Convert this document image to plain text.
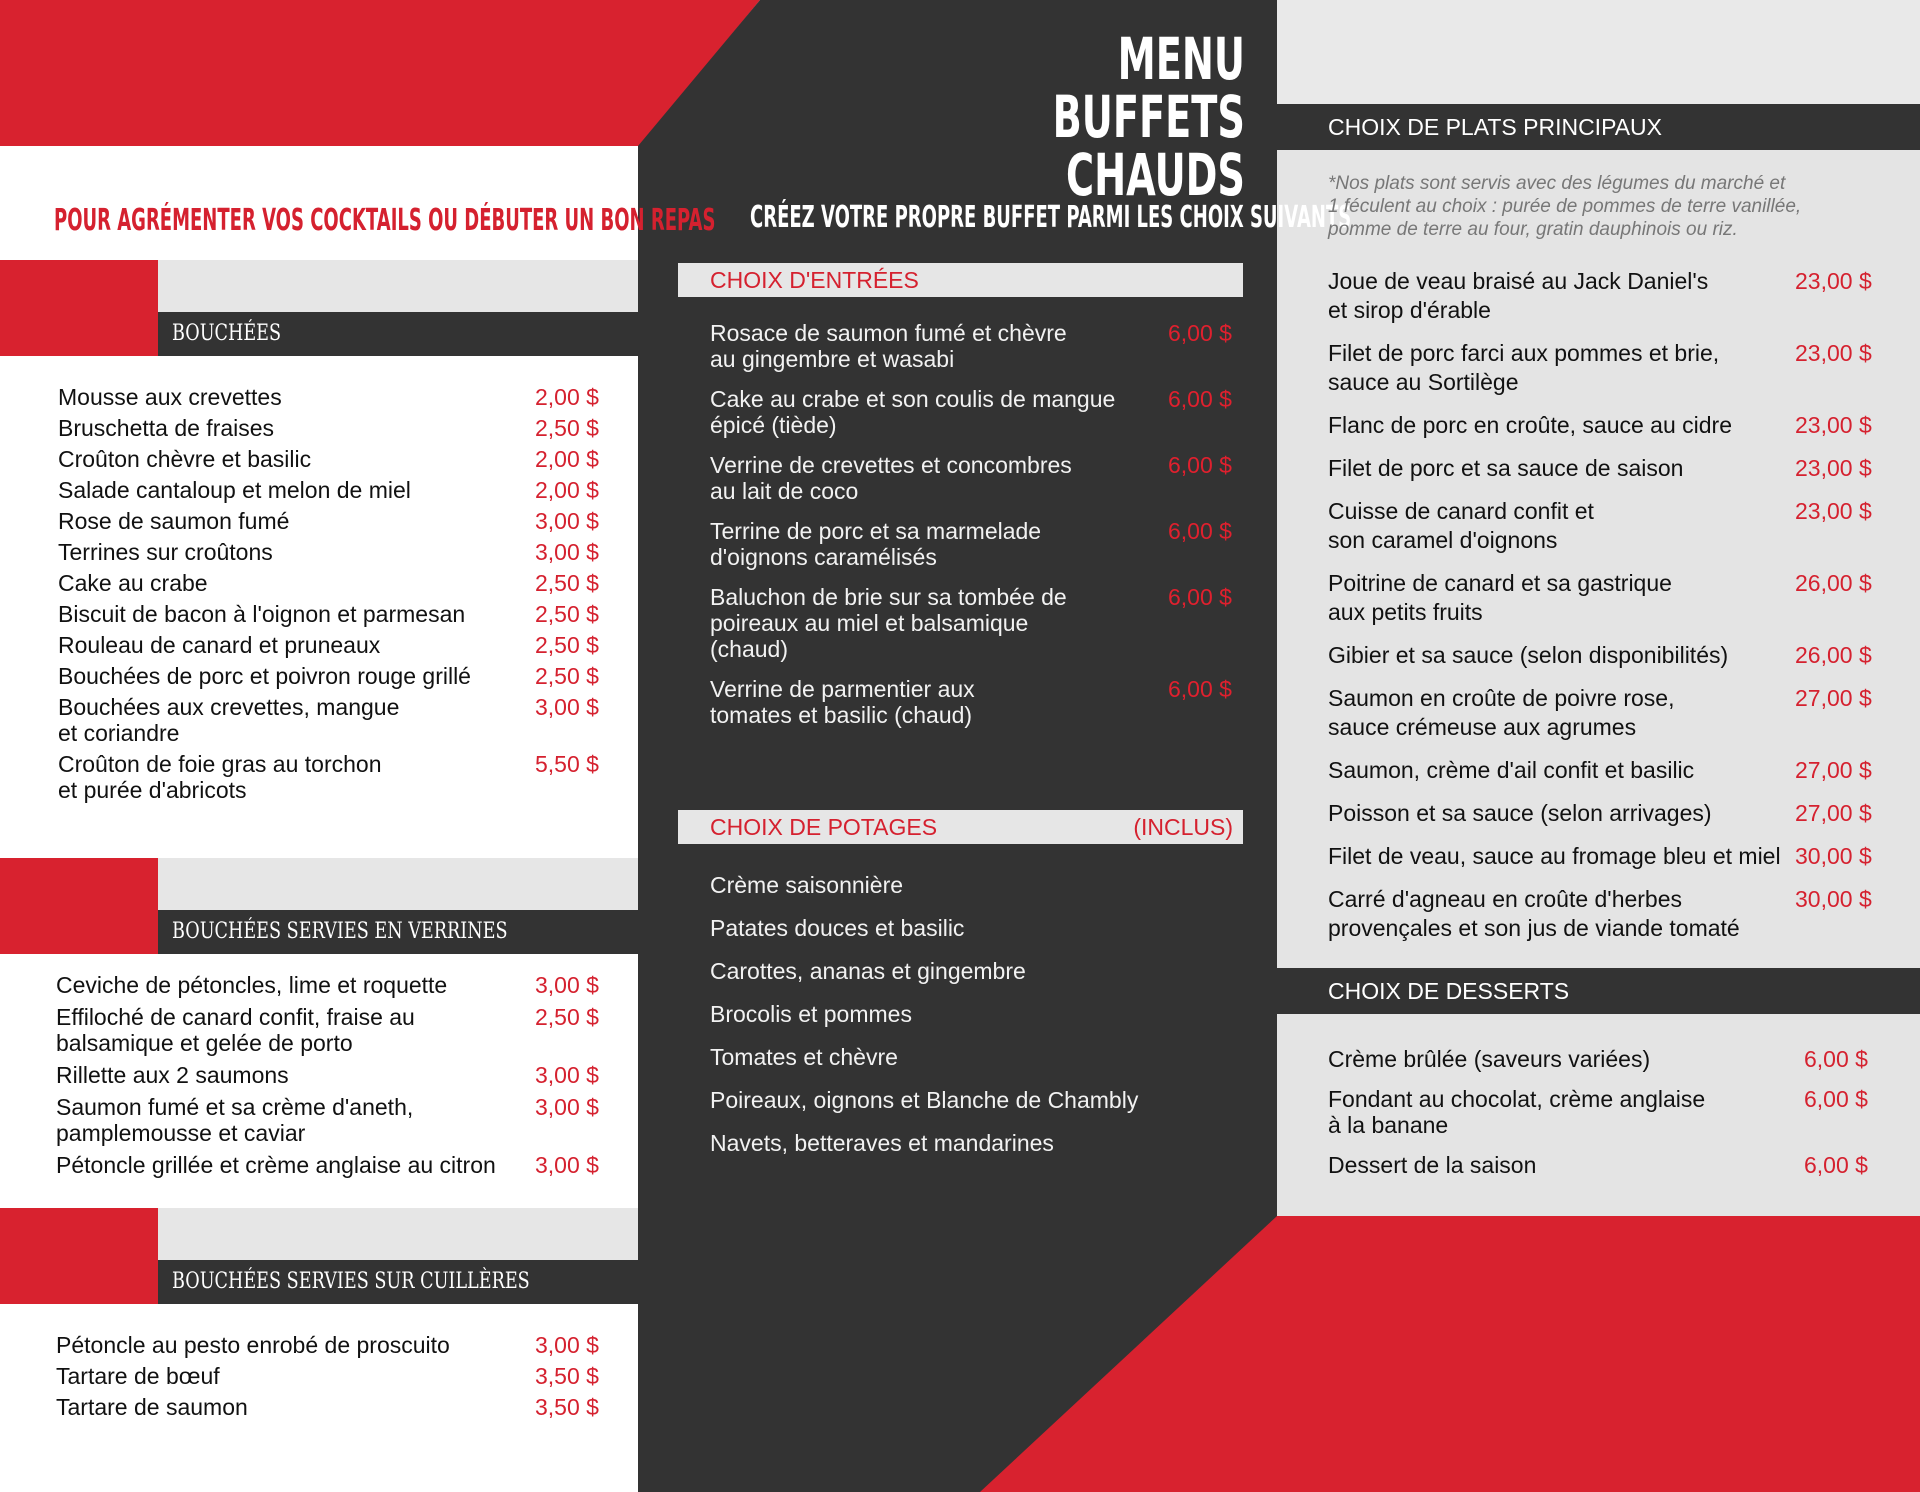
MENU BUFFETS CHAUDS
POUR AGRÉMENTER VOS COCKTAILS OU DÉBUTER UN BON REPAS
BOUCHÉES
BOUCHÉES SERVIES EN VERRINES
BOUCHÉES SERVIES SUR CUILLÈRES
Mousse aux crevettes	2,00 $
Bruschetta de fraises	2,50 $
Croûton chèvre et basilic	2,00 $
Salade cantaloup et melon de miel	2,00 $
Rose de saumon fumé	3,00 $
Terrines sur croûtons	3,00 $
Cake au crabe	2,50 $
Biscuit de bacon à l'oignon et parmesan	2,50 $
Rouleau de canard et pruneaux	2,50 $
Bouchées de porc et poivron rouge grillé	2,50 $
Bouchées aux crevettes, mangue
et coriandre
3,00 $
Croûton de foie gras au torchon
et purée d'abricots
5,50 $
Ceviche de pétoncles, lime et roquette	3,00 $
Effiloché de canard confit, fraise au
balsamique et gelée de porto
2,50 $
Rillette aux 2 saumons	3,00 $
Saumon fumé et sa crème d'aneth,
pamplemousse et caviar
3,00 $
Pétoncle grillée et crème anglaise au citron 3,00 $
Pétoncle au pesto enrobé de proscuito	3,00 $
Tartare de bœuf	3,50 $
Tartare de saumon	3,50 $
CRÉEZ VOTRE PROPRE BUFFET PARMI LES CHOIX SUIVANTS
CHOIX D'ENTRÉES
Rosace de saumon fumé et chèvre
au gingembre et wasabi
6,00 $
Cake au crabe et son coulis de mangue
épicé (tiède)
6,00 $
Verrine de crevettes et concombres
au lait de coco
6,00 $
Terrine de porc et sa marmelade
d'oignons caramélisés
6,00 $
Baluchon de brie sur sa tombée de
poireaux au miel et balsamique
(chaud)
6,00 $
Verrine de parmentier aux
tomates et basilic (chaud)
6,00 $
CHOIX DE POTAGES	(INCLUS)
Crème saisonnière
Patates douces et basilic
Carottes, ananas et gingembre
Brocolis et pommes
Tomates et chèvre
Poireaux, oignons et Blanche de Chambly
Navets, betteraves et mandarines
CHOIX DE PLATS PRINCIPAUX
*Nos plats sont servis avec des légumes du marché et
1 féculent au choix : purée de pommes de terre vanillée,
pomme de terre au four, gratin dauphinois ou riz.
Joue de veau braisé au Jack Daniel's
et sirop d'érable
23,00 $
Filet de porc farci aux pommes et brie,
sauce au Sortilège
23,00 $
Flanc de porc en croûte, sauce au cidre	23,00 $
Filet de porc et sa sauce de saison	23,00 $
Cuisse de canard confit et
son caramel d'oignons
23,00 $
Poitrine de canard et sa gastrique
aux petits fruits
26,00 $
Gibier et sa sauce (selon disponibilités)	26,00 $
Saumon en croûte de poivre rose,
sauce crémeuse aux agrumes
27,00 $
Saumon, crème d'ail confit et basilic	27,00 $
Poisson et sa sauce (selon arrivages)	27,00 $
Filet de veau, sauce au fromage bleu et miel 30,00 $
Carré d'agneau en croûte d'herbes
provençales et son jus de viande tomaté
30,00 $
CHOIX DE DESSERTS
Crème brûlée (saveurs variées)	6,00 $
Fondant au chocolat, crème anglaise
à la banane
6,00 $
Dessert de la saison	6,00 $
